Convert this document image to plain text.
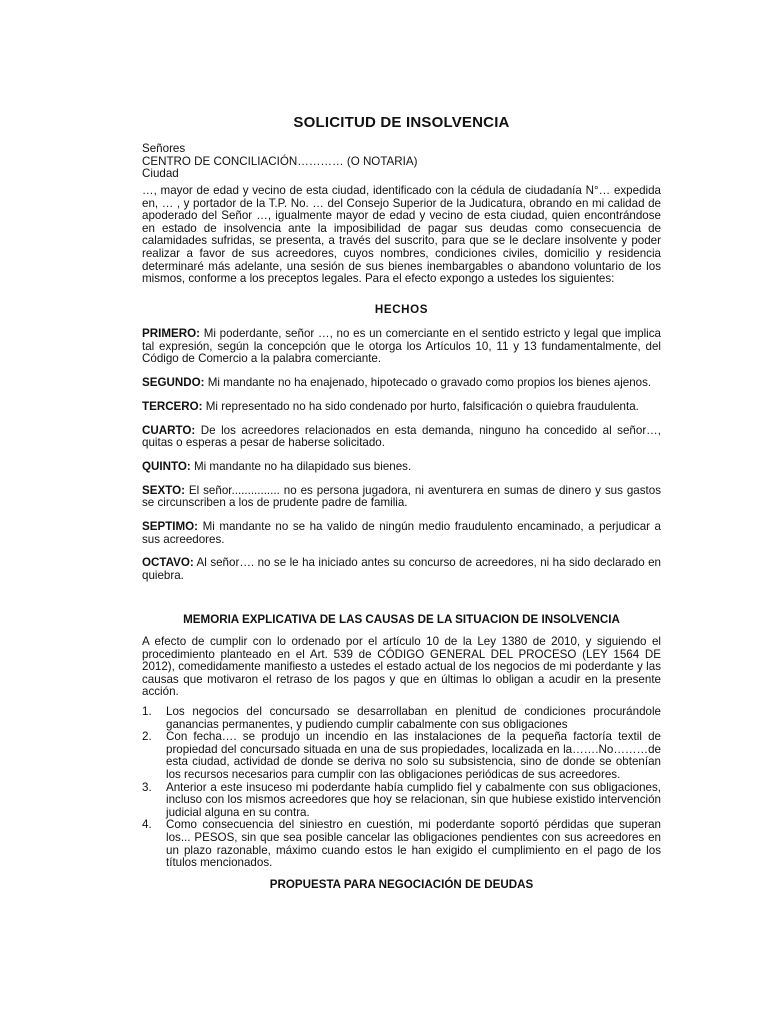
SOLICITUD DE INSOLVENCIA
Señores
CENTRO DE CONCILIACIÓN………… (O NOTARIA)
Ciudad
…, mayor de edad y vecino de esta ciudad, identificado con la cédula de ciudadanía N°… expedida en, … , y portador de la T.P. No. … del Consejo Superior de la Judicatura, obrando en mi calidad de apoderado del Señor …, igualmente mayor de edad y vecino de esta ciudad, quien encontrándose en estado de insolvencia ante la imposibilidad de pagar sus deudas como consecuencia de calamidades sufridas, se presenta, a través del suscrito, para que se le declare insolvente y poder realizar a favor de sus acreedores, cuyos nombres, condiciones civiles, domicilio y residencia determinaré más adelante, una sesión de sus bienes inembargables o abandono voluntario de los mismos, conforme a los preceptos legales. Para el efecto expongo a ustedes los siguientes:
HECHOS

PRIMERO: Mi poderdante, señor …, no es un comerciante en el sentido estricto y legal que implica tal expresión, según la concepción que le otorga los Artículos 10, 11 y 13 fundamentalmente, del Código de Comercio a la palabra comerciante.

SEGUNDO: Mi mandante no ha enajenado, hipotecado o gravado como propios los bienes ajenos.

TERCERO: Mi representado no ha sido condenado por hurto, falsificación o quiebra fraudulenta.

CUARTO: De los acreedores relacionados en esta demanda, ninguno ha concedido al señor…, quitas o esperas a pesar de haberse solicitado.

QUINTO: Mi mandante no ha dilapidado sus bienes.

SEXTO: El señor............... no es persona jugadora, ni aventurera en sumas de dinero y sus gastos se circunscriben a los de prudente padre de familia.

SEPTIMO: Mi mandante no se ha valido de ningún medio fraudulento encaminado, a perjudicar a sus acreedores.

OCTAVO: Al señor…. no se le ha iniciado antes su concurso de acreedores, ni ha sido declarado en quiebra.

MEMORIA EXPLICATIVA DE LAS CAUSAS DE LA SITUACION DE INSOLVENCIA
A efecto de cumplir con lo ordenado por el artículo 10 de la Ley 1380 de 2010, y siguiendo el procedimiento planteado en el Art. 539 de CÓDIGO GENERAL DEL PROCESO (LEY 1564 DE 2012), comedidamente manifiesto a ustedes el estado actual de los negocios de mi poderdante y las causas que motivaron el retraso de los pagos y que en últimas lo obligan a acudir en la presente acción.
1.	Los negocios del concursado se desarrollaban en plenitud de condiciones procurándole ganancias permanentes, y pudiendo cumplir cabalmente con sus obligaciones
2.	Con fecha…. se produjo un incendio en las instalaciones de la pequeña factoría textil de propiedad del concursado situada en una de sus propiedades, localizada en la…….No………de esta ciudad, actividad de donde se deriva no solo su subsistencia, sino de donde se obtenían los recursos necesarios para cumplir con las obligaciones periódicas de sus acreedores.
3.	Anterior a este insuceso mi poderdante había cumplido fiel y cabalmente con sus obligaciones, incluso con los mismos acreedores que hoy se relacionan, sin que hubiese existido intervención judicial alguna en su contra.
4.	Como consecuencia del siniestro en cuestión, mi poderdante soportó pérdidas que superan los... PESOS, sin que sea posible cancelar las obligaciones pendientes con sus acreedores en un plazo razonable, máximo cuando estos le han exigido el cumplimiento en el pago de los títulos mencionados.
PROPUESTA PARA NEGOCIACIÓN DE DEUDAS
